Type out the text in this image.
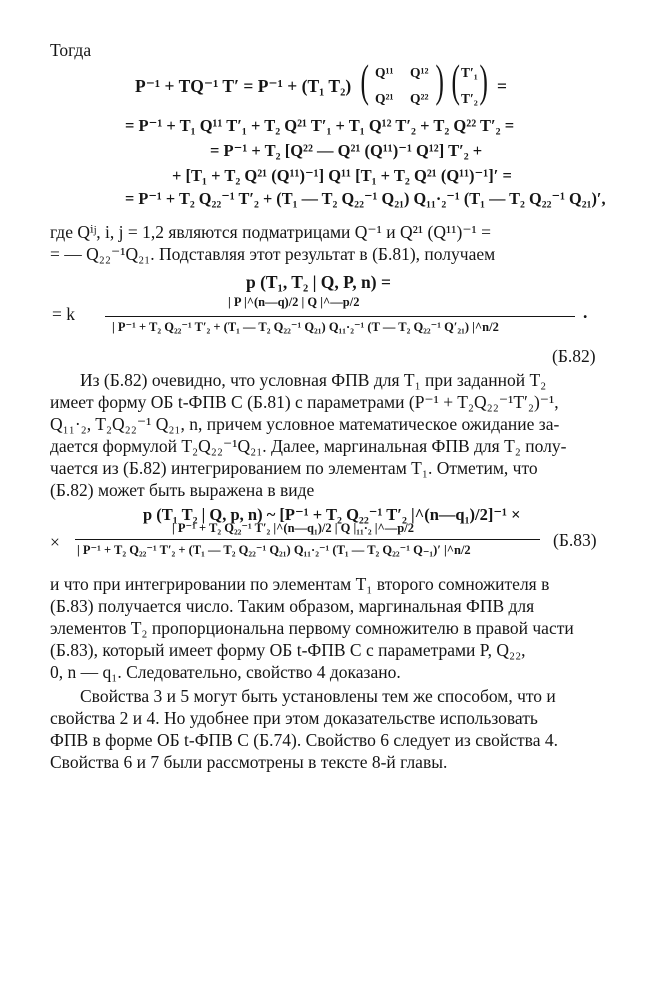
Тогда
P⁻¹ + TQ⁻¹ T′ = P⁻¹ + (T₁ T₂) ( Q¹¹ Q¹²
Q²¹ Q²² ) ( T′₁
T′₂ ) =
= P⁻¹ + T₁ Q¹¹ T′₁ + T₂ Q²¹ T′₁ + T₁ Q¹² T′₂ + T₂ Q²² T′₂ =
= P⁻¹ + T₂ [Q²² — Q²¹ (Q¹¹)⁻¹ Q¹²] T′₂ +
+ [T₁ + T₂ Q²¹ (Q¹¹)⁻¹] Q¹¹ [T₁ + T₂ Q²¹ (Q¹¹)⁻¹]′ =
= P⁻¹ + T₂ Q₂₂⁻¹ T′₂ + (T₁ — T₂ Q₂₂⁻¹ Q₂₁) Q₁₁·₂⁻¹ (T₁ — T₂ Q₂₂⁻¹ Q₂₁)′,
где Qⁱʲ, i, j = 1,2 являются подматрицами Q⁻¹ и Q²¹ (Q¹¹)⁻¹ =
= — Q₂₂⁻¹Q₂₁. Подставляя этот результат в (Б.81), получаем
p (T₁, T₂ | Q, P, n) =
= k
| P |^(n—q)/2 | Q |^—p/2
| P⁻¹ + T₂ Q₂₂⁻¹ T′₂ + (T₁ — T₂ Q₂₂⁻¹ Q₂₁) Q₁₁·₂⁻¹ (T — T₂ Q₂₂⁻¹ Q′₂₁) |^n/2
.
(Б.82)
Из (Б.82) очевидно, что условная ФПВ для T₁ при заданной T₂
имеет форму ОБ t-ФПВ С (Б.81) с параметрами (P⁻¹ + T₂Q₂₂⁻¹T′₂)⁻¹,
Q₁₁·₂, T₂Q₂₂⁻¹ Q₂₁, n, причем условное математическое ожидание за-
дается формулой T₂Q₂₂⁻¹Q₂₁. Далее, маргинальная ФПВ для T₂ полу-
чается из (Б.82) интегрированием по элементам T₁. Отметим, что
(Б.82) может быть выражена в виде
p (T₁ T₂ | Q, p, n) ~ [P⁻¹ + T₂ Q₂₂⁻¹ T′₂ |^(n—q₁)/2]⁻¹ ×
×
| P⁻¹ + T₂ Q₂₂⁻¹ T′₂ |^(n—q₁)/2 | Q |₁₁·₂ |^—p/2
| P⁻¹ + T₂ Q₂₂⁻¹ T′₂ + (T₁ — T₂ Q₂₂⁻¹ Q₂₁) Q₁₁·₂⁻¹ (T₁ — T₂ Q₂₂⁻¹ Q₋₁)′ |^n/2	(Б.83)
и что при интегрировании по элементам T₁ второго сомножителя в
(Б.83) получается число. Таким образом, маргинальная ФПВ для
элементов T₂ пропорциональна первому сомножителю в правой части
(Б.83), который имеет форму ОБ t-ФПВ С с параметрами P, Q₂₂,
0, n — q₁. Следовательно, свойство 4 доказано.
Свойства 3 и 5 могут быть установлены тем же способом, что и
свойства 2 и 4. Но удобнее при этом доказательстве использовать
ФПВ в форме ОБ t-ФПВ С (Б.74). Свойство 6 следует из свойства 4.
Свойства 6 и 7 были рассмотрены в тексте 8-й главы.
